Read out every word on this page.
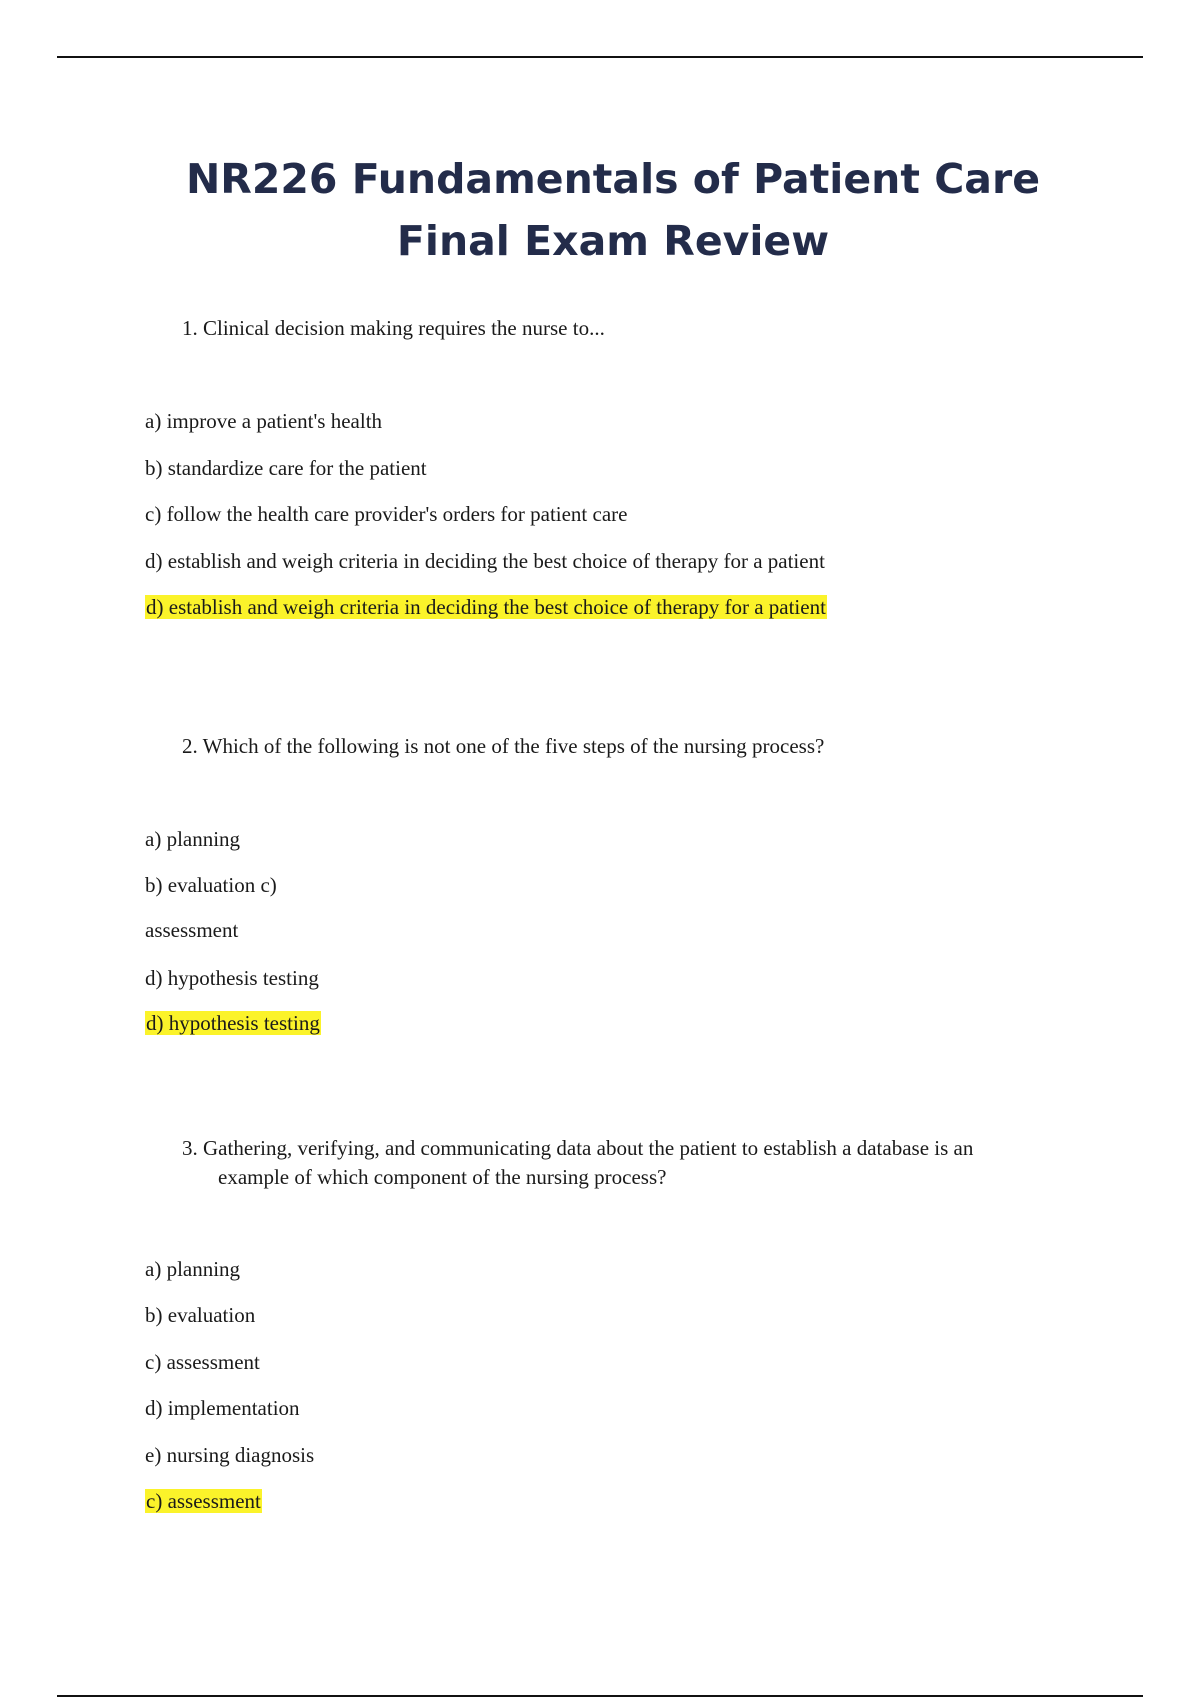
NR226 Fundamentals of Patient Care
Final Exam Review
1. Clinical decision making requires the nurse to...
a) improve a patient's health
b) standardize care for the patient
c) follow the health care provider's orders for patient care
d) establish and weigh criteria in deciding the best choice of therapy for a patient
d) establish and weigh criteria in deciding the best choice of therapy for a patient
2. Which of the following is not one of the five steps of the nursing process?
a) planning
b) evaluation c)
assessment
d) hypothesis testing
d) hypothesis testing
3. Gathering, verifying, and communicating data about the patient to establish a database is an example of which component of the nursing process?
a) planning
b) evaluation
c) assessment
d) implementation
e) nursing diagnosis
c) assessment
